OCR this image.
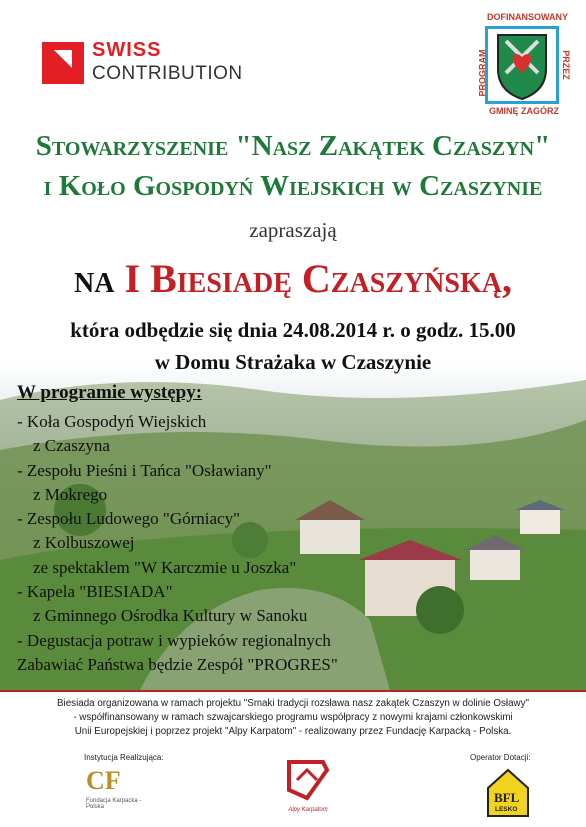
SWISS
CONTRIBUTION
DOFINANSOWANY
PROGRAM	PRZEZ
GMINĘ ZAGÓRZ
Stowarzyszenie "Nasz Zakątek Czaszyn"
i Koło Gospodyń Wiejskich w Czaszynie
zapraszają
na I Biesiadę Czaszyńską,
która odbędzie się dnia 24.08.2014 r. o godz. 15.00
w Domu Strażaka w Czaszynie
W programie występy:
- Koła Gospodyń Wiejskich
z Czaszyna
- Zespołu Pieśni i Tańca "Osławiany"
z Mokrego
- Zespołu Ludowego "Górniacy"
z Kolbuszowej
ze spektaklem "W Karczmie u Joszka"
- Kapela "BIESIADA"
z Gminnego Ośrodka Kultury w Sanoku
- Degustacja potraw i wypieków regionalnych
Zabawiać Państwa będzie Zespół "PROGRES"
Biesiada organizowana w ramach projektu "Smaki tradycji rozsława nasz zakątek Czaszyn w dolinie Osławy"
- współfinansowany w ramach szwajcarskiego programu współpracy z nowymi krajami członkowskimi
Unii Europejskiej i poprzez projekt "Alpy Karpatom" - realizowany przez Fundację Karpacką - Polska.
Instytucja Realizująca:
CF
Fundacja Karpacka - Polska	Alpy Karpatom
Operator Dotacji:
BFL
LESKO
